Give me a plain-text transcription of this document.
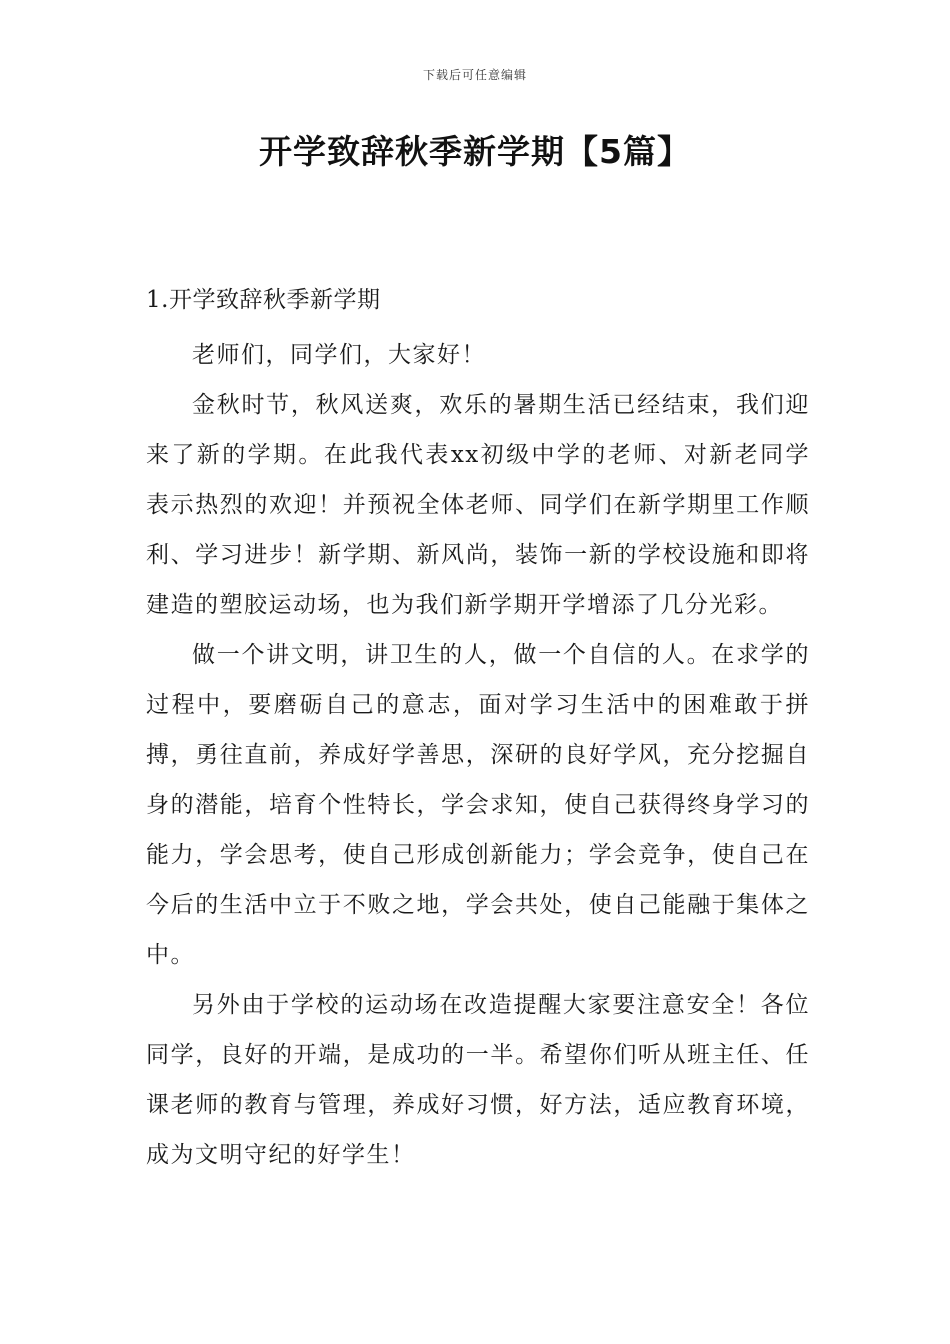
下载后可任意编辑
开学致辞秋季新学期【5篇】
1.开学致辞秋季新学期

老师们，同学们，大家好！

金秋时节，秋风送爽，欢乐的暑期生活已经结束，我们迎来了新的学期。在此我代表xx初级中学的老师、对新老同学表示热烈的欢迎！并预祝全体老师、同学们在新学期里工作顺利、学习进步！新学期、新风尚，装饰一新的学校设施和即将建造的塑胶运动场，也为我们新学期开学增添了几分光彩。

做一个讲文明，讲卫生的人，做一个自信的人。在求学的过程中，要磨砺自己的意志，面对学习生活中的困难敢于拼搏，勇往直前，养成好学善思，深研的良好学风，充分挖掘自身的潜能，培育个性特长，学会求知，使自己获得终身学习的能力，学会思考，使自己形成创新能力；学会竞争，使自己在今后的生活中立于不败之地，学会共处，使自己能融于集体之中。

另外由于学校的运动场在改造提醒大家要注意安全！各位同学，良好的开端，是成功的一半。希望你们听从班主任、任课老师的教育与管理，养成好习惯，好方法，适应教育环境，成为文明守纪的好学生！
